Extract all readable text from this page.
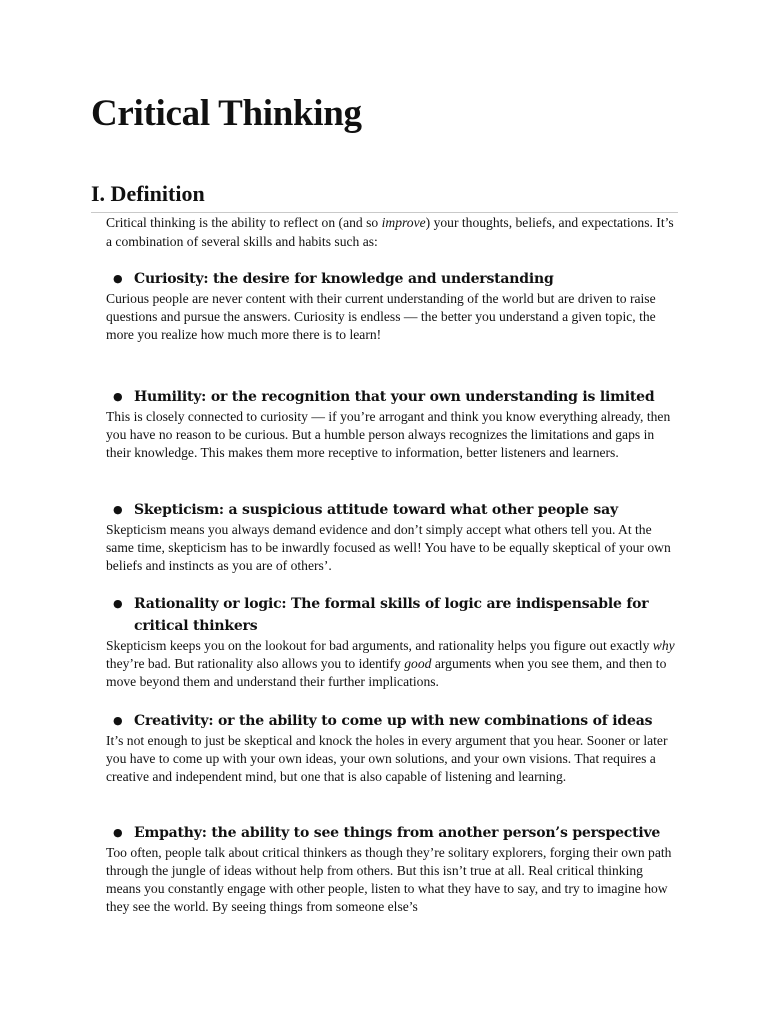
Critical Thinking
I. Definition

Critical thinking is the ability to reflect on (and so improve) your thoughts, beliefs, and expectations. It’s a combination of several skills and habits such as:

● Curiosity: the desire for knowledge and understanding

Curious people are never content with their current understanding of the world but are driven to raise questions and pursue the answers. Curiosity is endless — the better you understand a given topic, the more you realize how much more there is to learn!

● Humility: or the recognition that your own understanding is limited

This is closely connected to curiosity — if you’re arrogant and think you know everything already, then you have no reason to be curious. But a humble person always recognizes the limitations and gaps in their knowledge. This makes them more receptive to information, better listeners and learners.

● Skepticism: a suspicious attitude toward what other people say

Skepticism means you always demand evidence and don’t simply accept what others tell you. At the same time, skepticism has to be inwardly focused as well! You have to be equally skeptical of your own beliefs and instincts as you are of others’.

● Rationality or logic: The formal skills of logic are indispensable for critical thinkers

Skepticism keeps you on the lookout for bad arguments, and rationality helps you figure out exactly why they’re bad. But rationality also allows you to identify good arguments when you see them, and then to move beyond them and understand their further implications.

● Creativity: or the ability to come up with new combinations of ideas

It’s not enough to just be skeptical and knock the holes in every argument that you hear. Sooner or later you have to come up with your own ideas, your own solutions, and your own visions. That requires a creative and independent mind, but one that is also capable of listening and learning.

● Empathy: the ability to see things from another person’s perspective

Too often, people talk about critical thinkers as though they’re solitary explorers, forging their own path through the jungle of ideas without help from others. But this isn’t true at all. Real critical thinking means you constantly engage with other people, listen to what they have to say, and try to imagine how they see the world. By seeing things from someone else’s
